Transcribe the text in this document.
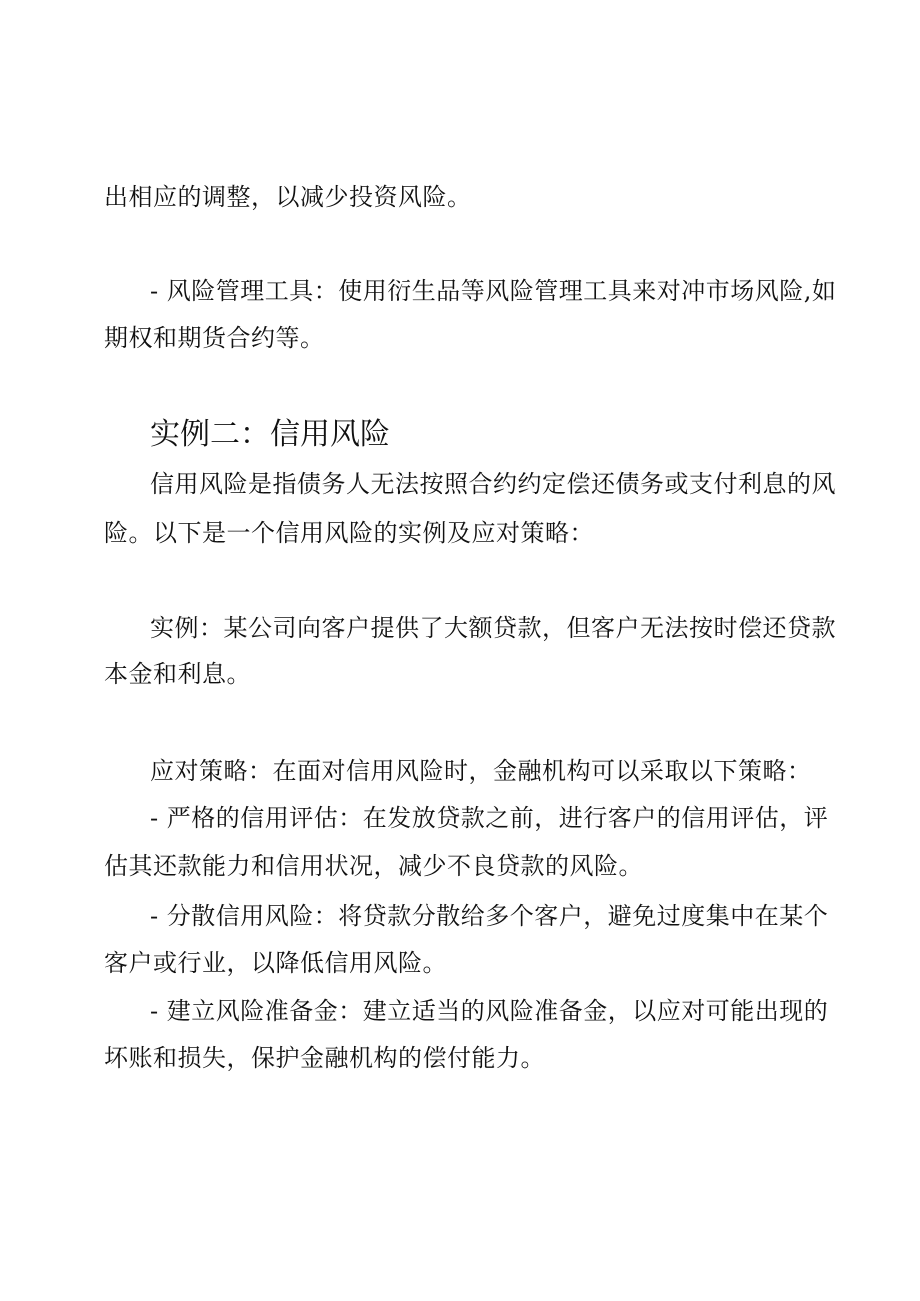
出相应的调整，以减少投资风险。
- 风险管理工具：使用衍生品等风险管理工具来对冲市场风险,如
期权和期货合约等。
实例二：信用风险
信用风险是指债务人无法按照合约约定偿还债务或支付利息的风
险。以下是一个信用风险的实例及应对策略：
实例：某公司向客户提供了大额贷款，但客户无法按时偿还贷款
本金和利息。
应对策略：在面对信用风险时，金融机构可以采取以下策略：
- 严格的信用评估：在发放贷款之前，进行客户的信用评估，评
估其还款能力和信用状况，减少不良贷款的风险。
- 分散信用风险：将贷款分散给多个客户，避免过度集中在某个
客户或行业，以降低信用风险。
- 建立风险准备金：建立适当的风险准备金，以应对可能出现的
坏账和损失，保护金融机构的偿付能力。
